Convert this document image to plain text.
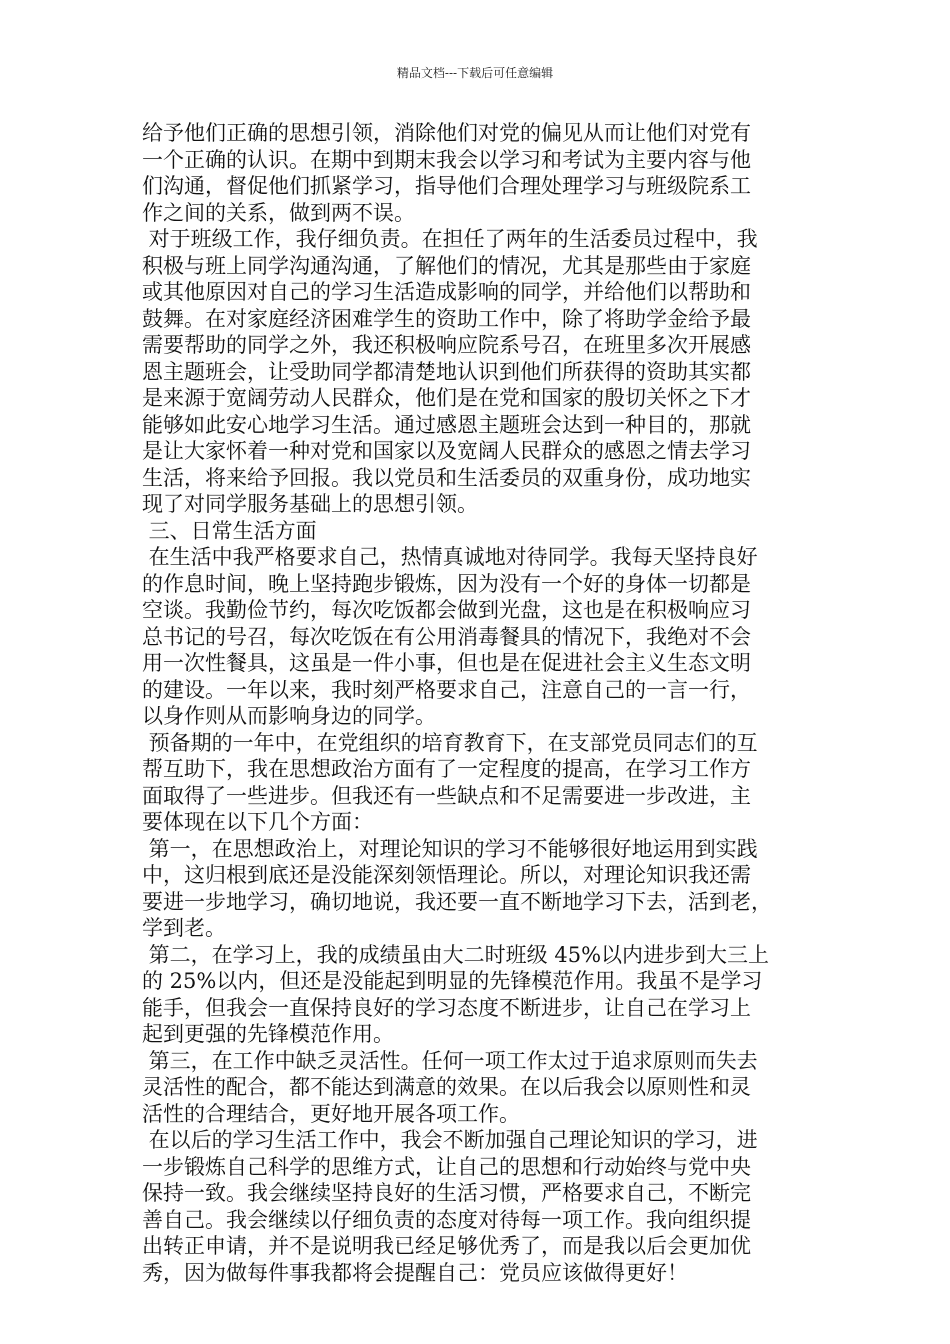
精品文档---下载后可任意编辑
给予他们正确的思想引领，消除他们对党的偏见从而让他们对党有
一个正确的认识。在期中到期末我会以学习和考试为主要内容与他
们沟通，督促他们抓紧学习，指导他们合理处理学习与班级院系工
作之间的关系，做到两不误。
对于班级工作，我仔细负责。在担任了两年的生活委员过程中，我
积极与班上同学沟通沟通，了解他们的情况，尤其是那些由于家庭
或其他原因对自己的学习生活造成影响的同学，并给他们以帮助和
鼓舞。在对家庭经济困难学生的资助工作中，除了将助学金给予最
需要帮助的同学之外，我还积极响应院系号召，在班里多次开展感
恩主题班会，让受助同学都清楚地认识到他们所获得的资助其实都
是来源于宽阔劳动人民群众，他们是在党和国家的殷切关怀之下才
能够如此安心地学习生活。通过感恩主题班会达到一种目的，那就
是让大家怀着一种对党和国家以及宽阔人民群众的感恩之情去学习
生活，将来给予回报。我以党员和生活委员的双重身份，成功地实
现了对同学服务基础上的思想引领。
三、日常生活方面
在生活中我严格要求自己，热情真诚地对待同学。我每天坚持良好
的作息时间，晚上坚持跑步锻炼，因为没有一个好的身体一切都是
空谈。我勤俭节约，每次吃饭都会做到光盘，这也是在积极响应习
总书记的号召，每次吃饭在有公用消毒餐具的情况下，我绝对不会
用一次性餐具，这虽是一件小事，但也是在促进社会主义生态文明
的建设。一年以来，我时刻严格要求自己，注意自己的一言一行，
以身作则从而影响身边的同学。
预备期的一年中，在党组织的培育教育下，在支部党员同志们的互
帮互助下，我在思想政治方面有了一定程度的提高，在学习工作方
面取得了一些进步。但我还有一些缺点和不足需要进一步改进，主
要体现在以下几个方面：
第一，在思想政治上，对理论知识的学习不能够很好地运用到实践
中，这归根到底还是没能深刻领悟理论。所以，对理论知识我还需
要进一步地学习，确切地说，我还要一直不断地学习下去，活到老，
学到老。
第二，在学习上，我的成绩虽由大二时班级 45%以内进步到大三上
的 25%以内，但还是没能起到明显的先锋模范作用。我虽不是学习
能手，但我会一直保持良好的学习态度不断进步，让自己在学习上
起到更强的先锋模范作用。
第三，在工作中缺乏灵活性。任何一项工作太过于追求原则而失去
灵活性的配合，都不能达到满意的效果。在以后我会以原则性和灵
活性的合理结合，更好地开展各项工作。
在以后的学习生活工作中，我会不断加强自己理论知识的学习，进
一步锻炼自己科学的思维方式，让自己的思想和行动始终与党中央
保持一致。我会继续坚持良好的生活习惯，严格要求自己，不断完
善自己。我会继续以仔细负责的态度对待每一项工作。我向组织提
出转正申请，并不是说明我已经足够优秀了，而是我以后会更加优
秀，因为做每件事我都将会提醒自己：党员应该做得更好！
